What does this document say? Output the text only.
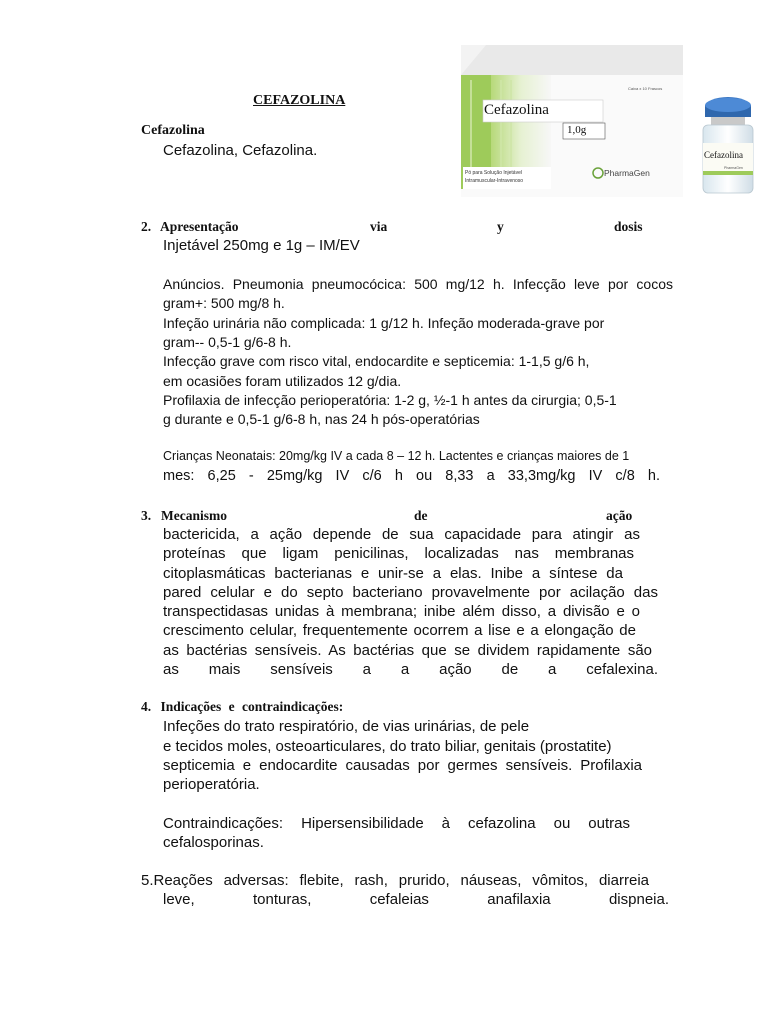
CEFAZOLINA
Cefazolina
Cefazolina, Cefazolina.
Cefazolina
1,0g
Caixa x 10 Frascos
Pó para Solução Injetável
Intramuscular-Intravenoso
PharmaGen
Cefazolina
PharmaGen
2. Apresentação	via	y	dosis
Injetável 250mg e 1g – IM/EV
Anúncios. Pneumonia pneumocócica: 500 mg/12 h. Infecção leve por cocos
gram+: 500 mg/8 h.
Infeção urinária não complicada: 1 g/12 h. Infeção moderada-grave por
gram-- 0,5-1 g/6-8 h.
Infecção grave com risco vital, endocardite e septicemia: 1-1,5 g/6 h,
em ocasiões foram utilizados 12 g/dia.
Profilaxia de infecção perioperatória: 1-2 g, ½-1 h antes da cirurgia; 0,5-1
g durante e 0,5-1 g/6-8 h, nas 24 h pós-operatórias
Crianças Neonatais: 20mg/kg IV a cada 8 – 12 h. Lactentes e crianças maiores de 1
mes: 6,25 - 25mg/kg IV c/6 h ou 8,33 a 33,3mg/kg IV c/8 h.
3. Mecanismo	de	ação
bactericida, a ação depende de sua capacidade para atingir as
proteínas que ligam penicilinas, localizadas nas membranas
citoplasmáticas bacterianas e unir-se a elas. Inibe a síntese da
pared celular e do septo bacteriano provavelmente por acilação das
transpectidasas unidas à membrana; inibe além disso, a divisão e o
crescimento celular, frequentemente ocorrem a lise e a elongação de
as bactérias sensíveis. As bactérias que se dividem rapidamente são
as mais sensíveis a a ação de a cefalexina.
4. Indicações e contraindicações:
Infeções do trato respiratório, de vias urinárias, de pele
e tecidos moles, osteoarticulares, do trato biliar, genitais (prostatite)
septicemia e endocardite causadas por germes sensíveis. Profilaxia
perioperatória.
Contraindicações: Hipersensibilidade à cefazolina ou outras
cefalosporinas.
5.Reações adversas: flebite, rash, prurido, náuseas, vômitos, diarreia
leve, tonturas, cefaleias anafilaxia dispneia.
